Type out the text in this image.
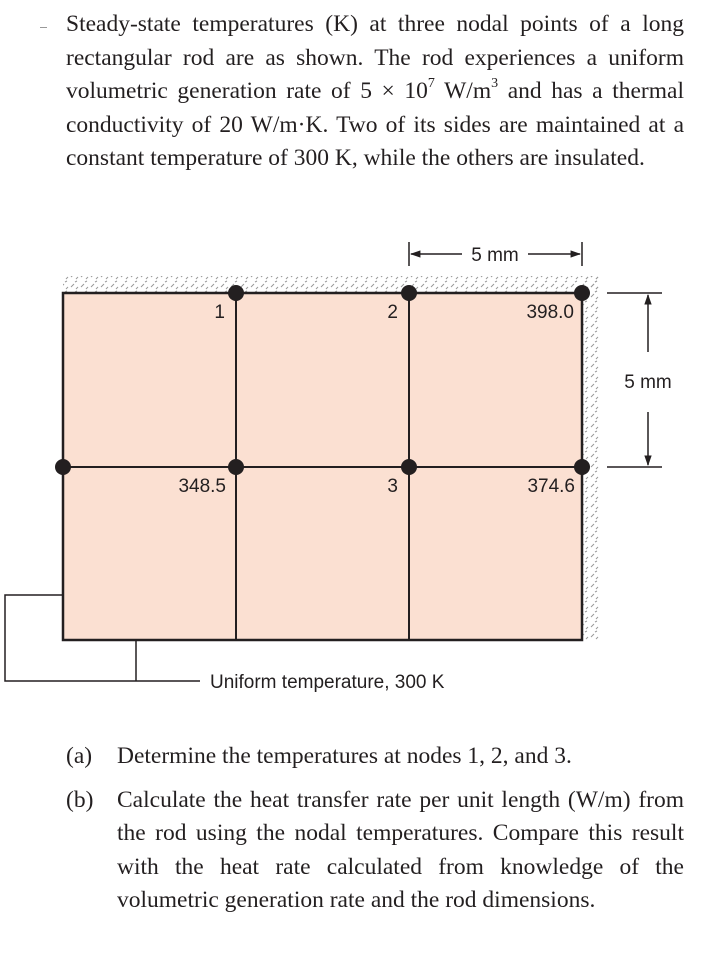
Steady-state temperatures (K) at three nodal points of a long rectangular rod are as shown. The rod experiences a uniform volumetric generation rate of $5 \times 10^7$ $W/m^3$ and has a thermal conductivity of 20 W/m·K. Two of its sides are maintained at a constant temperature of 300 K, while the others are insulated.

1	2
3
398.0
348.5	374.6
5 mm
5 mm
Uniform temperature, 300 K
(a) Determine the temperatures at nodes 1, 2, and 3.
(b) Calculate the heat transfer rate per unit length (W/m) from the rod using the nodal temperatures. Compare this result with the heat rate calculated from knowledge of the volumetric generation rate and the rod dimensions.
